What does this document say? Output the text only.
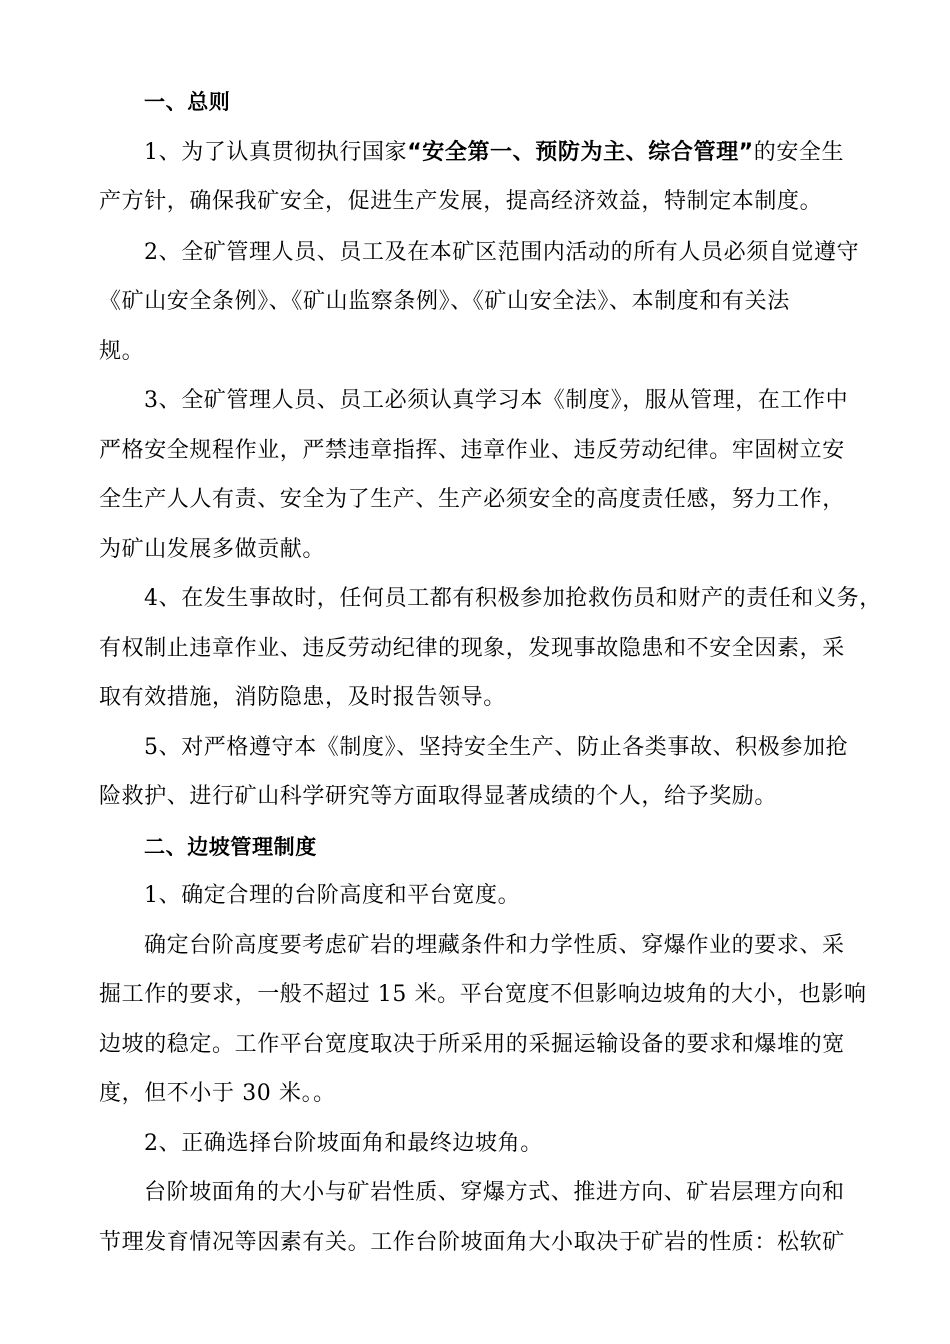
一、总则
1、为了认真贯彻执行国家“安全第一、预防为主、综合管理”的安全生
产方针，确保我矿安全，促进生产发展，提高经济效益，特制定本制度。
2、全矿管理人员、员工及在本矿区范围内活动的所有人员必须自觉遵守
《矿山安全条例》、《矿山监察条例》、《矿山安全法》、本制度和有关法
规。
3、全矿管理人员、员工必须认真学习本《制度》，服从管理，在工作中
严格安全规程作业，严禁违章指挥、违章作业、违反劳动纪律。牢固树立安
全生产人人有责、安全为了生产、生产必须安全的高度责任感，努力工作，
为矿山发展多做贡献。
4、在发生事故时，任何员工都有积极参加抢救伤员和财产的责任和义务，
有权制止违章作业、违反劳动纪律的现象，发现事故隐患和不安全因素，采
取有效措施，消防隐患，及时报告领导。
5、对严格遵守本《制度》、坚持安全生产、防止各类事故、积极参加抢
险救护、进行矿山科学研究等方面取得显著成绩的个人，给予奖励。
二、边坡管理制度
1、确定合理的台阶高度和平台宽度。
确定台阶高度要考虑矿岩的埋藏条件和力学性质、穿爆作业的要求、采
掘工作的要求，一般不超过 15 米。平台宽度不但影响边坡角的大小，也影响
边坡的稳定。工作平台宽度取决于所采用的采掘运输设备的要求和爆堆的宽
度，但不小于 30 米。。
2、正确选择台阶坡面角和最终边坡角。
台阶坡面角的大小与矿岩性质、穿爆方式、推进方向、矿岩层理方向和
节理发育情况等因素有关。工作台阶坡面角大小取决于矿岩的性质：松软矿
